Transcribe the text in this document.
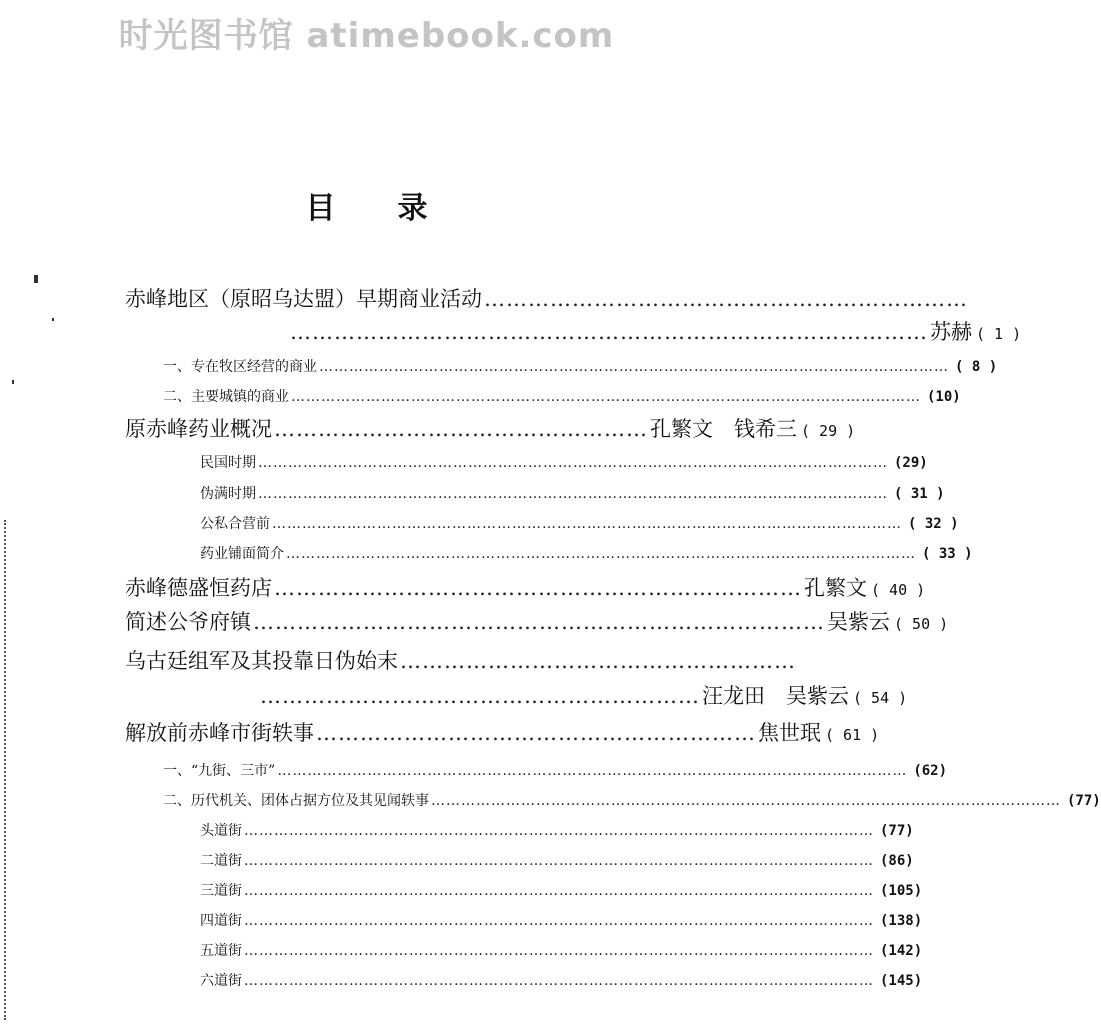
时光图书馆 atimebook.com
目录
赤峰地区（原昭乌达盟）早期商业活动 …………………………………………………………
…………………………………………………………………………… 苏赫 ( 1 )
一、专在牧区经营的商业 ……………………………………………………………………………………………………………… ( 8 )
二、主要城镇的商业 ……………………………………………………………………………………………………………… (10)
原赤峰药业概况 …………………………………………… 孔繁文　钱希三 ( 29 )
民国时期 ……………………………………………………………………………………………………………… (29)
伪满时期 ……………………………………………………………………………………………………………… ( 31 )
公私合营前 ……………………………………………………………………………………………………………… ( 32 )
药业铺面简介 ……………………………………………………………………………………………………………… ( 33 )
赤峰德盛恒药店 ……………………………………………………………… 孔繁文 ( 40 )
简述公爷府镇 …………………………………………………………………… 吴紫云 ( 50 )
乌古廷组军及其投靠日伪始末 ………………………………………………
…………………………………………………… 汪龙田　吴紫云 ( 54 )
解放前赤峰市街轶事 …………………………………………………… 焦世珉 ( 61 )
一、“九街、三市” ……………………………………………………………………………………………………………… (62)
二、历代机关、团体占据方位及其见闻轶事 ……………………………………………………………………………………………………………… (77)
头道街 ……………………………………………………………………………………………………………… (77)
二道街 ……………………………………………………………………………………………………………… (86)
三道街 ……………………………………………………………………………………………………………… (105)
四道街 ……………………………………………………………………………………………………………… (138)
五道街 ……………………………………………………………………………………………………………… (142)
六道街 ……………………………………………………………………………………………………………… (145)
